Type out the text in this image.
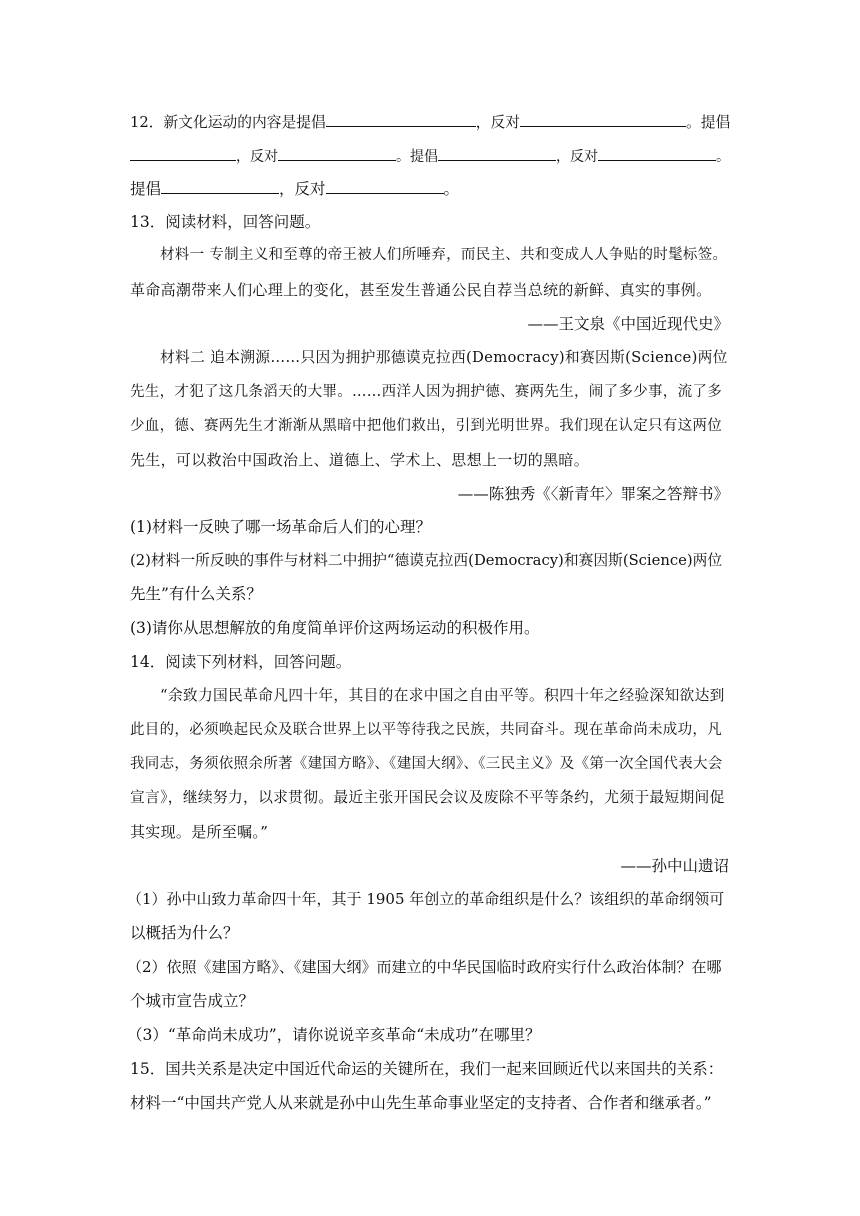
12．新文化运动的内容是提倡	，反对	。提倡
，反对	。提倡	，反对	。
提倡	，反对	。
13．阅读材料，回答问题。
材料一 专制主义和至尊的帝王被人们所唾弃，而民主、共和变成人人争贴的时髦标签。
革命高潮带来人们心理上的变化，甚至发生普通公民自荐当总统的新鲜、真实的事例。
——王文泉《中国近现代史》
材料二 追本溯源……只因为拥护那德谟克拉西(Democracy)和赛因斯(Science)两位
先生，才犯了这几条滔天的大罪。……西洋人因为拥护德、赛两先生，闹了多少事，流了多
少血，德、赛两先生才渐渐从黑暗中把他们救出，引到光明世界。我们现在认定只有这两位
先生，可以救治中国政治上、道德上、学术上、思想上一切的黑暗。
——陈独秀《〈新青年〉罪案之答辩书》
(1)材料一反映了哪一场革命后人们的心理？
(2)材料一所反映的事件与材料二中拥护“德谟克拉西(Democracy)和赛因斯(Science)两位
先生”有什么关系？
(3)请你从思想解放的角度简单评价这两场运动的积极作用。
14．阅读下列材料，回答问题。
“余致力国民革命凡四十年，其目的在求中国之自由平等。积四十年之经验深知欲达到
此目的，必须唤起民众及联合世界上以平等待我之民族，共同奋斗。现在革命尚未成功，凡
我同志，务须依照余所著《建国方略》、《建国大纲》、《三民主义》及《第一次全国代表大会
宣言》，继续努力，以求贯彻。最近主张开国民会议及废除不平等条约，尤须于最短期间促
其实现。是所至嘱。”
——孙中山遗诏
（1）孙中山致力革命四十年，其于 1905 年创立的革命组织是什么？该组织的革命纲领可
以概括为什么？
（2）依照《建国方略》、《建国大纲》而建立的中华民国临时政府实行什么政治体制？在哪
个城市宣告成立？
（3）“革命尚未成功”，请你说说辛亥革命“未成功”在哪里？
15．国共关系是决定中国近代命运的关键所在，我们一起来回顾近代以来国共的关系：
材料一“中国共产党人从来就是孙中山先生革命事业坚定的支持者、合作者和继承者。”
